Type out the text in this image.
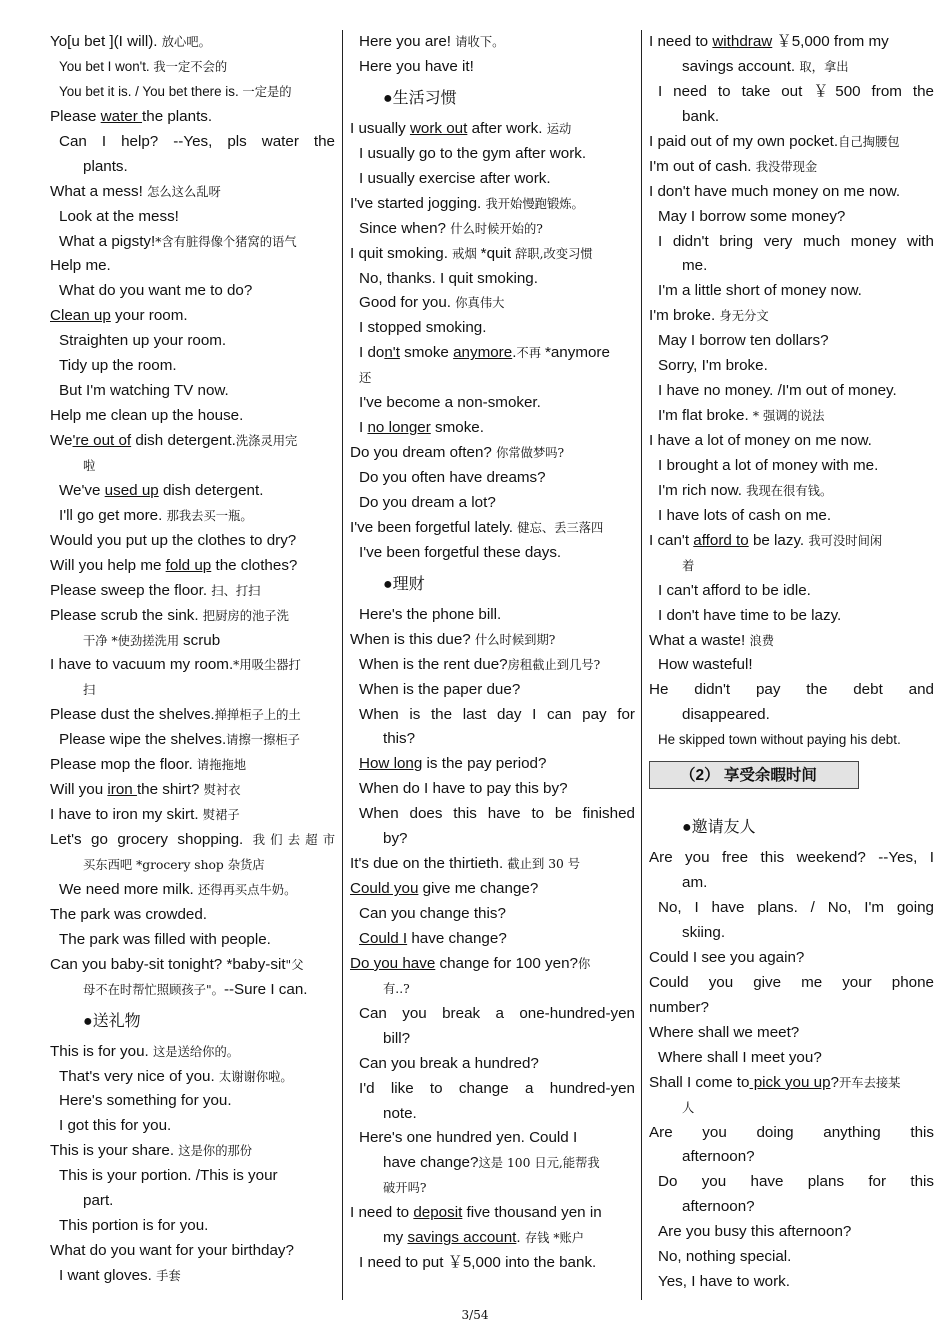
Yo[u bet ](I will). 放心吧。
You bet I won't. 我一定不会的
You bet it is. / You bet there is. 一定是的
Please water the plants.
Can I help? --Yes, pls water the
plants.
What a mess! 怎么这么乱呀
Look at the mess!
What a pigsty!*含有脏得像个猪窝的语气
Help me.
What do you want me to do?
Clean up your room.
Straighten up your room.
Tidy up the room.
But I'm watching TV now.
Help me clean up the house.
We're out of dish detergent.洗涤灵用完
啦
We've used up dish detergent.
I'll go get more. 那我去买一瓶。
Would you put up the clothes to dry?
Will you help me fold up the clothes?
Please sweep the floor. 扫、打扫
Please scrub the sink. 把厨房的池子洗
干净 *使劲搓洗用 scrub
I have to vacuum my room.*用吸尘器打
扫
Please dust the shelves.掸掸柜子上的土
Please wipe the shelves.请擦一擦柜子
Please mop the floor. 请拖拖地
Will you iron the shirt? 熨衬衣
I have to iron my skirt. 熨裙子
Let's go grocery shopping. 我们去超市
买东西吧 *grocery shop 杂货店
We need more milk. 还得再买点牛奶。
The park was crowded.
The park was filled with people.
Can you baby-sit tonight? *baby-sit"父
母不在时帮忙照顾孩子"。--Sure I can.
●送礼物
This is for you. 这是送给你的。
That's very nice of you. 太谢谢你啦。
Here's something for you.
I got this for you.
This is your share. 这是你的那份
This is your portion. /This is your
part.
This portion is for you.
What do you want for your birthday?
I want gloves. 手套
Here you are! 请收下。
Here you have it!
●生活习惯
I usually work out after work. 运动
I usually go to the gym after work.
I usually exercise after work.
I've started jogging. 我开始慢跑锻炼。
Since when? 什么时候开始的?
I quit smoking. 戒烟 *quit 辞职,改变习惯
No, thanks. I quit smoking.
Good for you. 你真伟大
I stopped smoking.
I don't smoke anymore.不再 *anymore
还
I've become a non-smoker.
I no longer smoke.
Do you dream often? 你常做梦吗?
Do you often have dreams?
Do you dream a lot?
I've been forgetful lately. 健忘、丢三落四
I've been forgetful these days.
●理财
Here's the phone bill.
When is this due? 什么时候到期?
When is the rent due?房租截止到几号?
When is the paper due?
When is the last day I can pay for
this?
How long is the pay period?
When do I have to pay this by?
When does this have to be finished
by?
It's due on the thirtieth. 截止到 30 号
Could you give me change?
Can you change this?
Could I have change?
Do you have change for 100 yen?你
有..?
Can you break a one-hundred-yen
bill?
Can you break a hundred?
I'd like to change a hundred-yen
note.
Here's one hundred yen. Could I
have change?这是 100 日元,能帮我
破开吗?
I need to deposit five thousand yen in
my savings account. 存钱 *账户
I need to put ￥5,000 into the bank.
I need to withdraw ￥5,000 from my
savings account. 取，拿出
I need to take out ￥500 from the
bank.
I paid out of my own pocket.自己掏腰包
I'm out of cash. 我没带现金
I don't have much money on me now.
May I borrow some money?
I didn't bring very much money with
me.
I'm a little short of money now.
I'm broke. 身无分文
May I borrow ten dollars?
Sorry, I'm broke.
I have no money. /I'm out of money.
I'm flat broke. * 强调的说法
I have a lot of money on me now.
I brought a lot of money with me.
I'm rich now. 我现在很有钱。
I have lots of cash on me.
I can't afford to be lazy. 我可没时间闲
着
I can't afford to be idle.
I don't have time to be lazy.
What a waste! 浪费
How wasteful!
He didn't pay the debt and
disappeared.
He skipped town without paying his debt.
（2） 享受余暇时间
●邀请友人
Are you free this weekend? --Yes, I
am.
No, I have plans. / No, I'm going
skiing.
Could I see you again?
Could you give me your phone
number?
Where shall we meet?
Where shall I meet you?
Shall I come to pick you up?开车去接某
人
Are you doing anything this
afternoon?
Do you have plans for this
afternoon?
Are you busy this afternoon?
No, nothing special.
Yes, I have to work.
3/54
